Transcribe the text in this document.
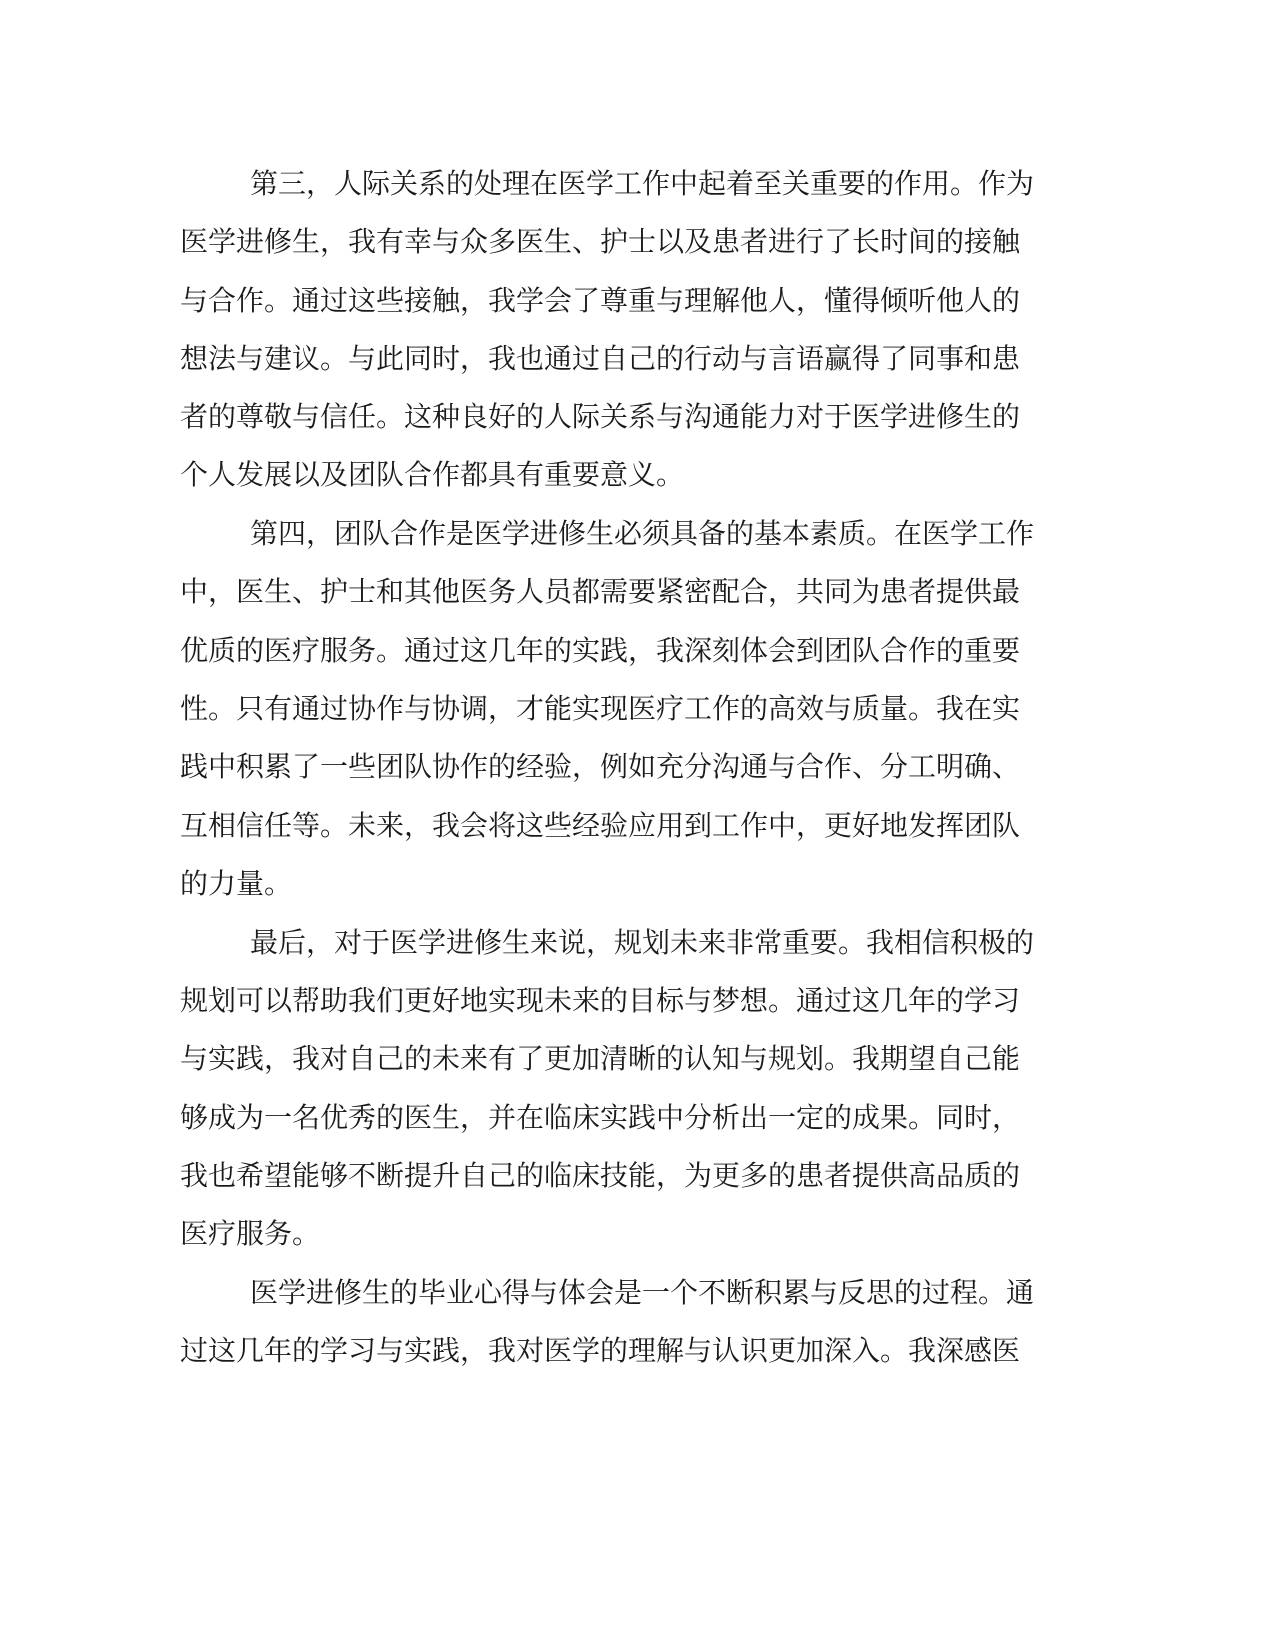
第三，人际关系的处理在医学工作中起着至关重要的作用。作为
医学进修生，我有幸与众多医生、护士以及患者进行了长时间的接触
与合作。通过这些接触，我学会了尊重与理解他人，懂得倾听他人的
想法与建议。与此同时，我也通过自己的行动与言语赢得了同事和患
者的尊敬与信任。这种良好的人际关系与沟通能力对于医学进修生的
个人发展以及团队合作都具有重要意义。
第四，团队合作是医学进修生必须具备的基本素质。在医学工作
中，医生、护士和其他医务人员都需要紧密配合，共同为患者提供最
优质的医疗服务。通过这几年的实践，我深刻体会到团队合作的重要
性。只有通过协作与协调，才能实现医疗工作的高效与质量。我在实
践中积累了一些团队协作的经验，例如充分沟通与合作、分工明确、
互相信任等。未来，我会将这些经验应用到工作中，更好地发挥团队
的力量。
最后，对于医学进修生来说，规划未来非常重要。我相信积极的
规划可以帮助我们更好地实现未来的目标与梦想。通过这几年的学习
与实践，我对自己的未来有了更加清晰的认知与规划。我期望自己能
够成为一名优秀的医生，并在临床实践中分析出一定的成果。同时，
我也希望能够不断提升自己的临床技能，为更多的患者提供高品质的
医疗服务。
医学进修生的毕业心得与体会是一个不断积累与反思的过程。通
过这几年的学习与实践，我对医学的理解与认识更加深入。我深感医
